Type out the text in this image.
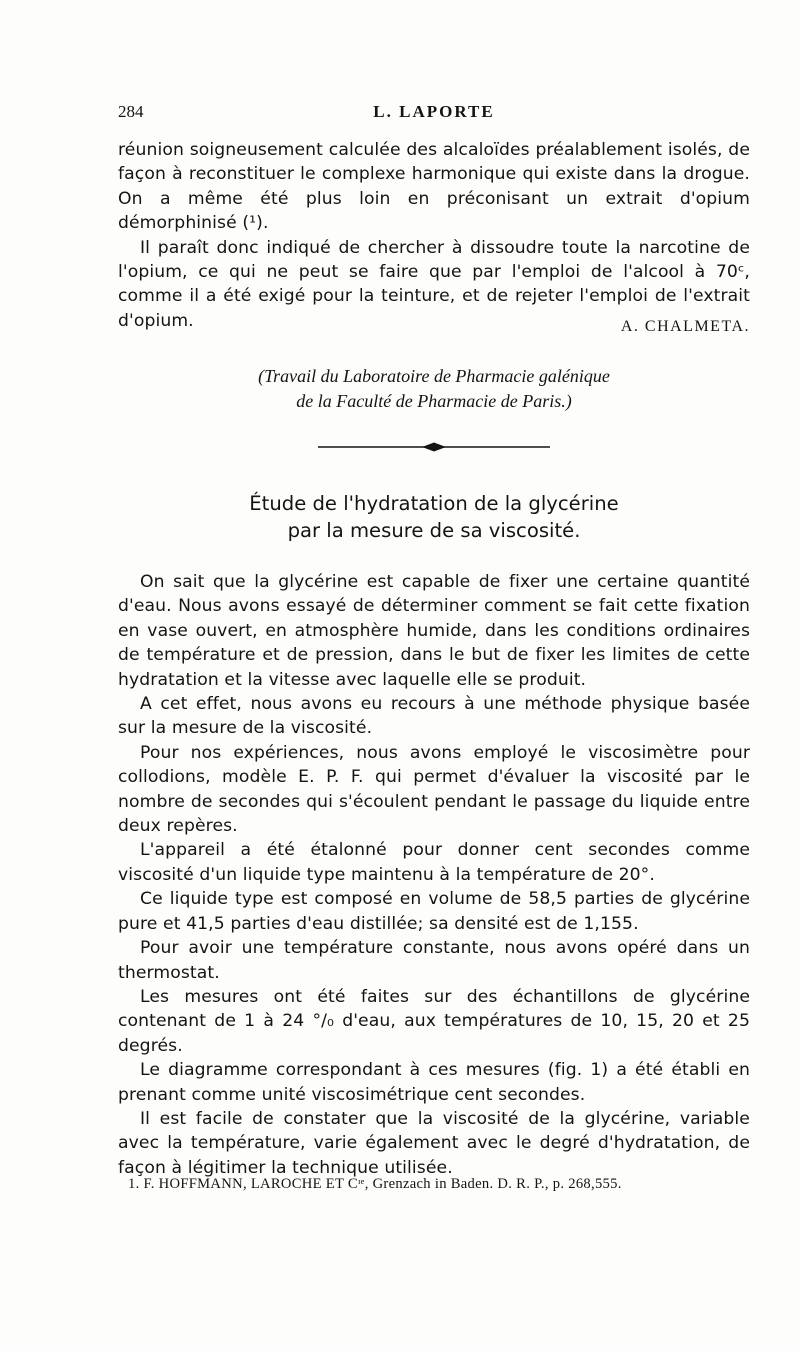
284	L. LAPORTE

réunion soigneusement calculée des alcaloïdes préalablement isolés, de façon à reconstituer le complexe harmonique qui existe dans la drogue. On a même été plus loin en préconisant un extrait d'opium démorphinisé (¹).

Il paraît donc indiqué de chercher à dissoudre toute la narcotine de l'opium, ce qui ne peut se faire que par l'emploi de l'alcool à 70ᶜ, comme il a été exigé pour la teinture, et de rejeter l'emploi de l'extrait d'opium.	A. CHALMETA.
(Travail du Laboratoire de Pharmacie galénique
de la Faculté de Pharmacie de Paris.)
Étude de l'hydratation de la glycérine
par la mesure de sa viscosité.

On sait que la glycérine est capable de fixer une certaine quantité d'eau. Nous avons essayé de déterminer comment se fait cette fixation en vase ouvert, en atmosphère humide, dans les conditions ordinaires de température et de pression, dans le but de fixer les limites de cette hydratation et la vitesse avec laquelle elle se produit.

A cet effet, nous avons eu recours à une méthode physique basée sur la mesure de la viscosité.

Pour nos expériences, nous avons employé le viscosimètre pour collodions, modèle E. P. F. qui permet d'évaluer la viscosité par le nombre de secondes qui s'écoulent pendant le passage du liquide entre deux repères.

L'appareil a été étalonné pour donner cent secondes comme viscosité d'un liquide type maintenu à la température de 20°.

Ce liquide type est composé en volume de 58,5 parties de glycérine pure et 41,5 parties d'eau distillée; sa densité est de 1,155.

Pour avoir une température constante, nous avons opéré dans un thermostat.

Les mesures ont été faites sur des échantillons de glycérine contenant de 1 à 24 °/₀ d'eau, aux températures de 10, 15, 20 et 25 degrés.

Le diagramme correspondant à ces mesures (fig. 1) a été établi en prenant comme unité viscosimétrique cent secondes.

Il est facile de constater que la viscosité de la glycérine, variable avec la température, varie également avec le degré d'hydratation, de façon à légitimer la technique utilisée.

1. F. HOFFMANN, LAROCHE ET Cᶦᵉ, Grenzach in Baden. D. R. P., p. 268,555.
